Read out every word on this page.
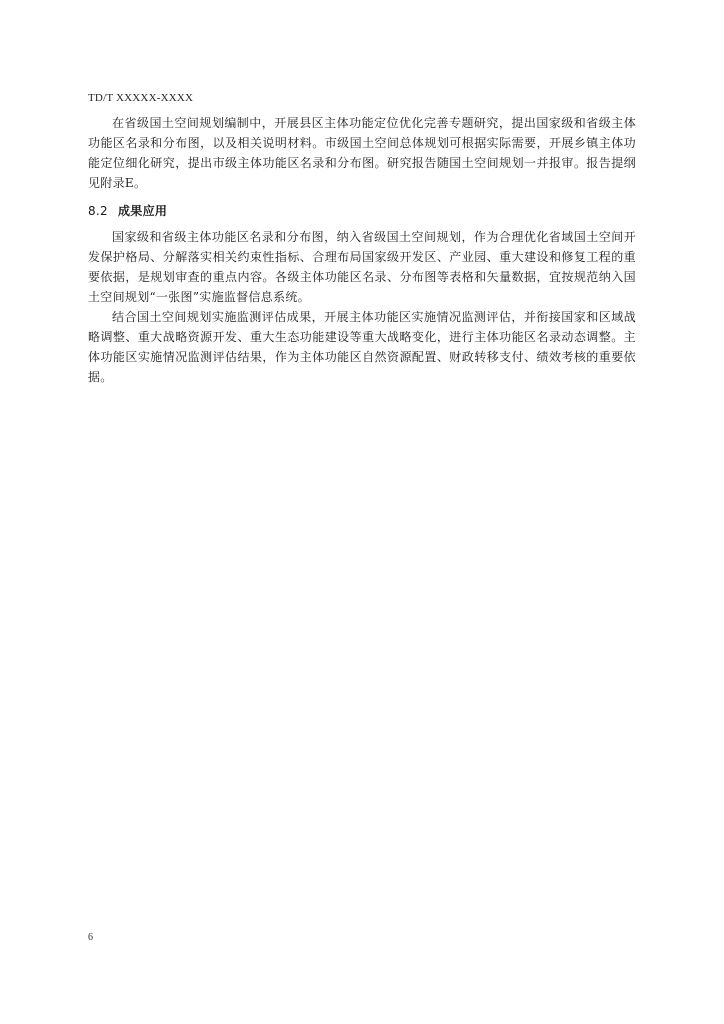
TD/T XXXXX-XXXX

在省级国土空间规划编制中，开展县区主体功能定位优化完善专题研究，提出国家级和省级主体功能区名录和分布图，以及相关说明材料。市级国土空间总体规划可根据实际需要，开展乡镇主体功能定位细化研究，提出市级主体功能区名录和分布图。研究报告随国土空间规划一并报审。报告提纲见附录E。

8.2 成果应用

国家级和省级主体功能区名录和分布图，纳入省级国土空间规划，作为合理优化省域国土空间开发保护格局、分解落实相关约束性指标、合理布局国家级开发区、产业园、重大建设和修复工程的重要依据，是规划审查的重点内容。各级主体功能区名录、分布图等表格和矢量数据，宜按规范纳入国土空间规划“一张图”实施监督信息系统。

结合国土空间规划实施监测评估成果，开展主体功能区实施情况监测评估，并衔接国家和区域战略调整、重大战略资源开发、重大生态功能建设等重大战略变化，进行主体功能区名录动态调整。主体功能区实施情况监测评估结果，作为主体功能区自然资源配置、财政转移支付、绩效考核的重要依据。

6
